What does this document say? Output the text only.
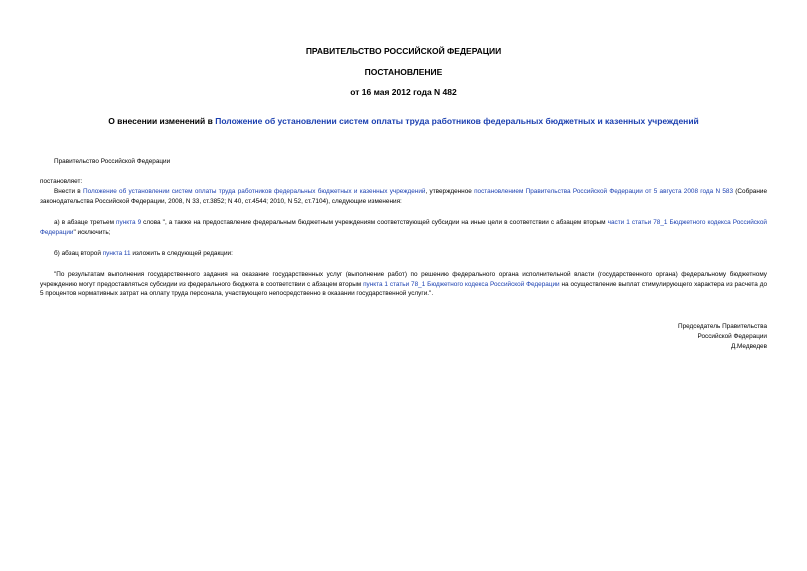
ПРАВИТЕЛЬСТВО РОССИЙСКОЙ ФЕДЕРАЦИИ
ПОСТАНОВЛЕНИЕ
от 16 мая 2012 года N 482
О внесении изменений в Положение об установлении систем оплаты труда работников федеральных бюджетных и казенных учреждений
Правительство Российской Федерации
постановляет:
Внести в Положение об установлении систем оплаты труда работников федеральных бюджетных и казенных учреждений, утвержденное постановлением Правительства Российской Федерации от 5 августа 2008 года N 583 (Собрание законодательства Российской Федерации, 2008, N 33, ст.3852; N 40, ст.4544; 2010, N 52, ст.7104), следующие изменения:
а) в абзаце третьем пункта 9 слова ", а также на предоставление федеральным бюджетным учреждениям соответствующей субсидии на иные цели в соответствии с абзацем вторым части 1 статьи 78_1 Бюджетного кодекса Российской Федерации" исключить;
б) абзац второй пункта 11 изложить в следующей редакции:
"По результатам выполнения государственного задания на оказание государственных услуг (выполнение работ) по решению федерального органа исполнительной власти (государственного органа) федеральному бюджетному учреждению могут предоставляться субсидии из федерального бюджета в соответствии с абзацем вторым пункта 1 статьи 78_1 Бюджетного кодекса Российской Федерации на осуществление выплат стимулирующего характера из расчета до 5 процентов нормативных затрат на оплату труда персонала, участвующего непосредственно в оказании государственной услуги.".
Председатель Правительства
Российской Федерации
Д.Медведев
